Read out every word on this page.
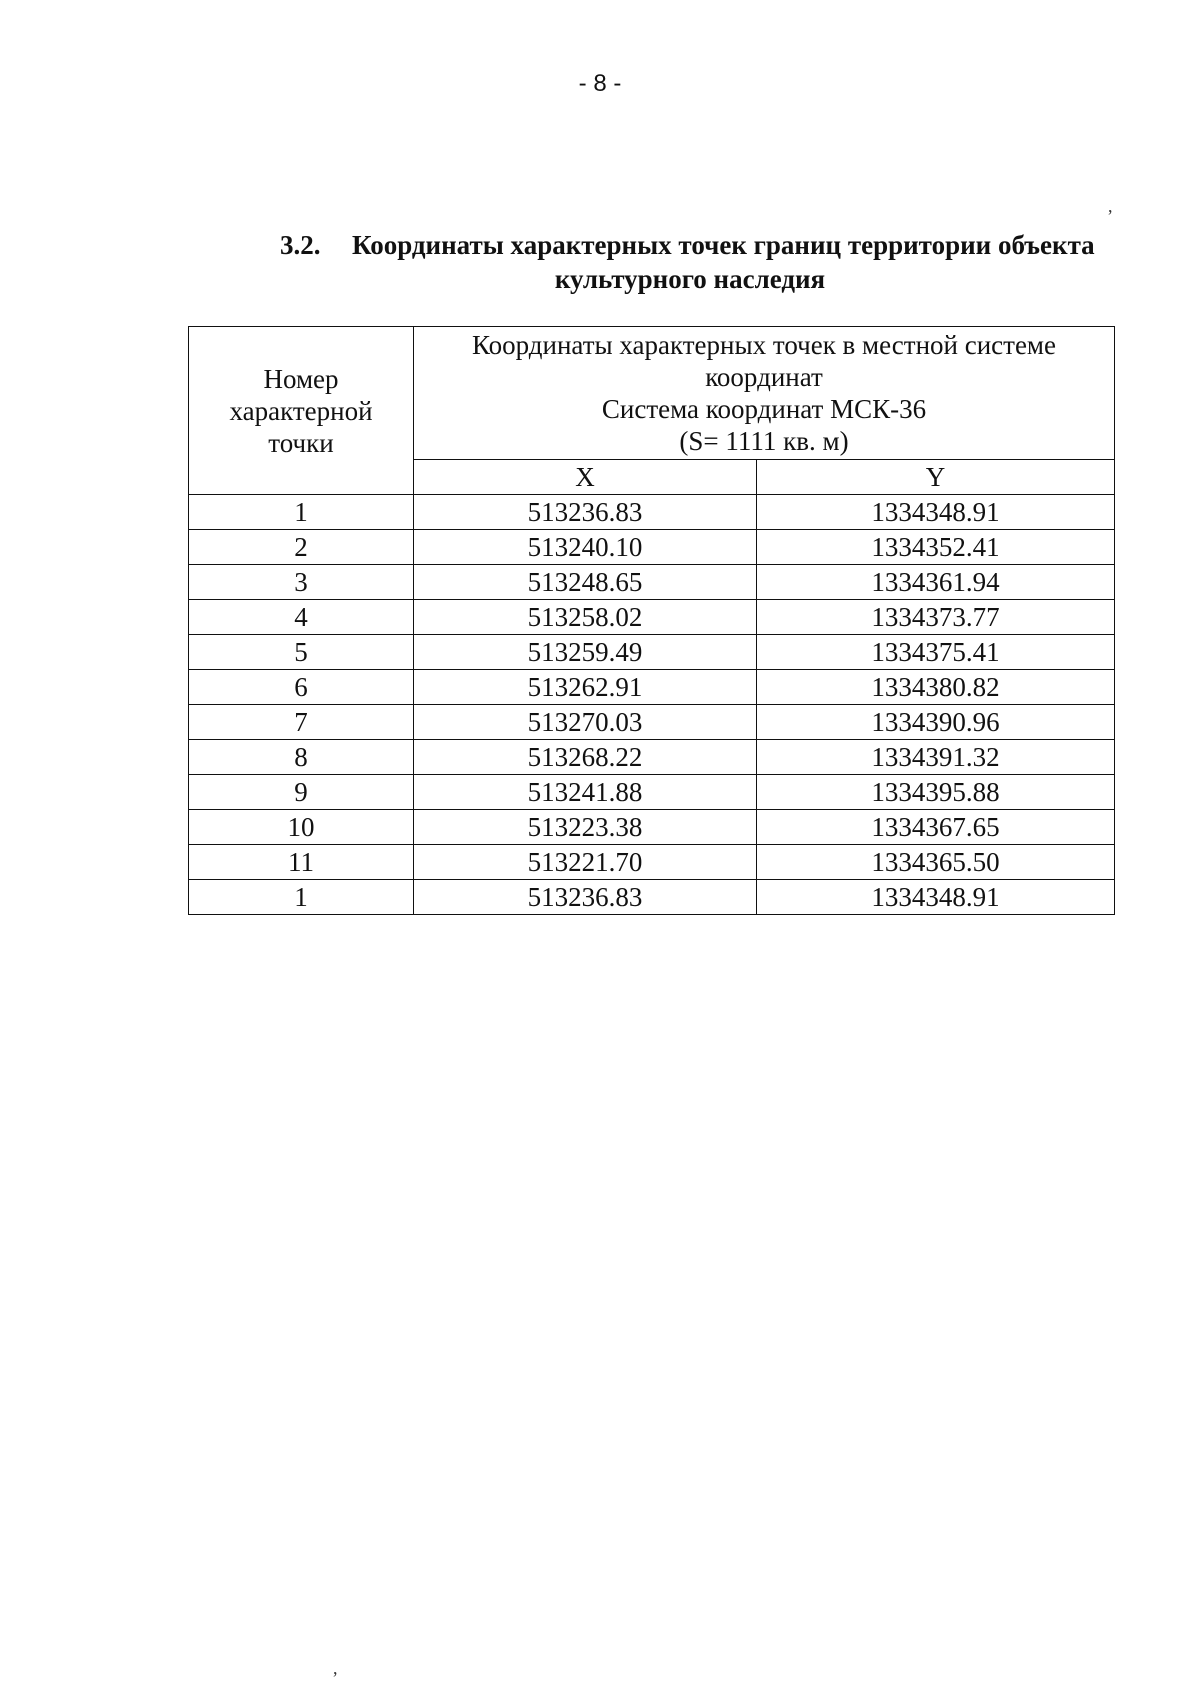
- 8 -
3.2. Координаты характерных точек границ территории объекта
культурного наследия
,
,
Номер
характерной
точки	Координаты характерных точек в местной системе
координат
Система координат МСК-36
(S= 1111 кв. м)	

	X	Y
1	513236.83	1334348.91
2	513240.10	1334352.41
3	513248.65	1334361.94
4	513258.02	1334373.77
5	513259.49	1334375.41
6	513262.91	1334380.82
7	513270.03	1334390.96
8	513268.22	1334391.32
9	513241.88	1334395.88
10	513223.38	1334367.65
11	513221.70	1334365.50
1	513236.83	1334348.91
